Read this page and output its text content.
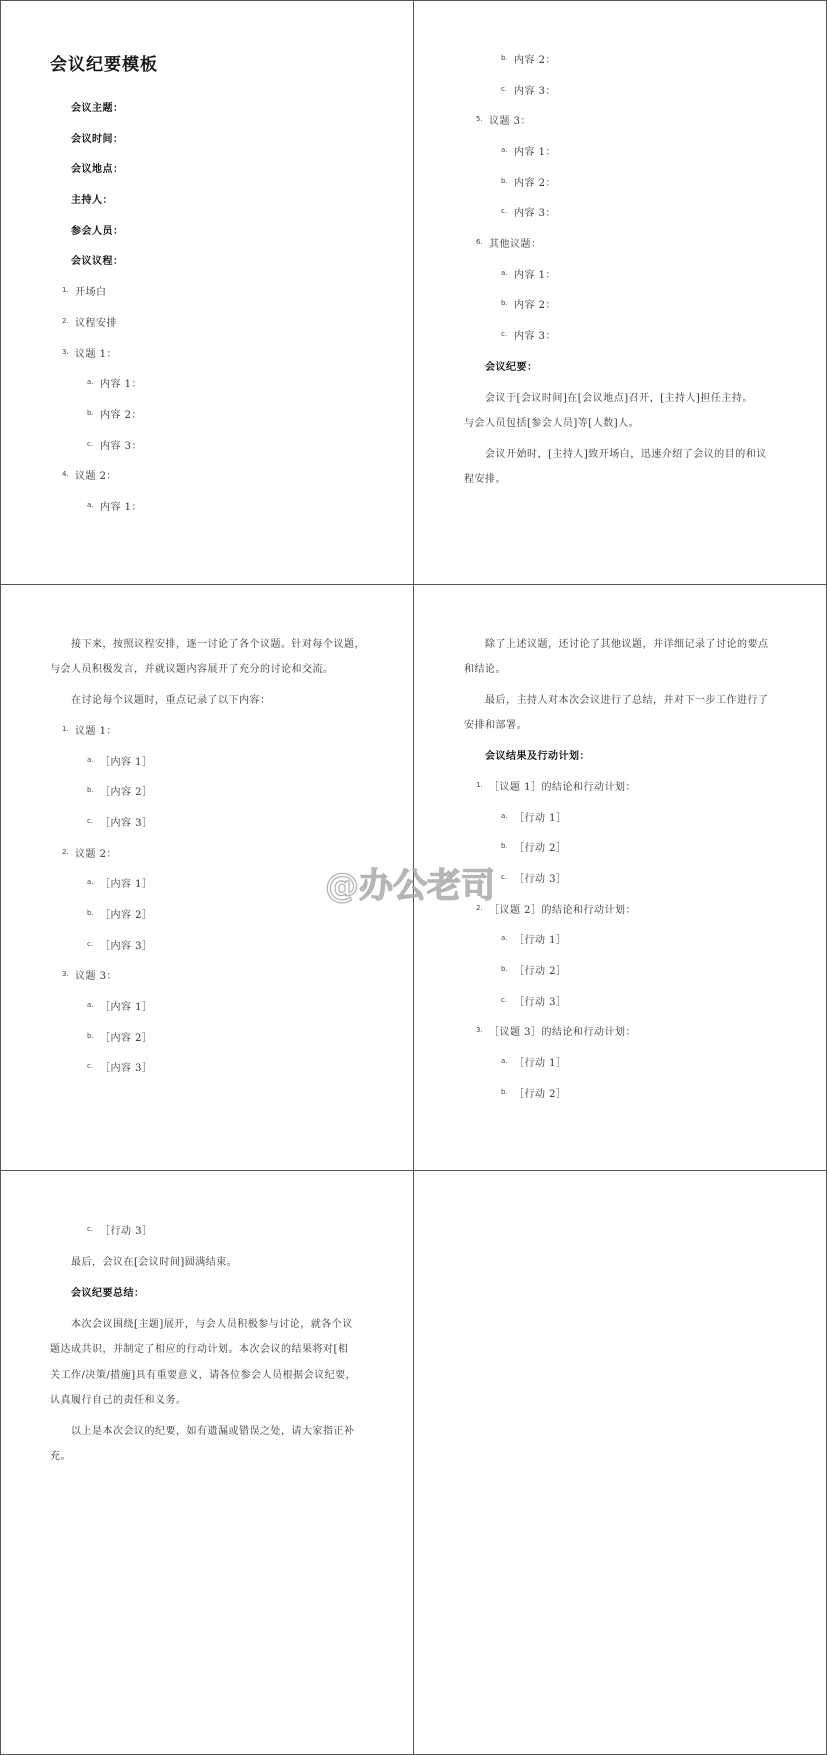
会议纪要模板
会议主题：
会议时间：
会议地点：
主持人：
参会人员：
会议议程：
1. 开场白
2. 议程安排
3. 议题 1：
a. 内容 1：
b. 内容 2：
c. 内容 3：
4. 议题 2：
a. 内容 1：
b. 内容 2：
c. 内容 3：
5. 议题 3：
a. 内容 1：
b. 内容 2：
c. 内容 3：
6. 其他议题：
a. 内容 1：
b. 内容 2：
c. 内容 3：
会议纪要：
会议于[会议时间]在[会议地点]召开，[主持人]担任主持。
与会人员包括[参会人员]等[人数]人。
会议开始时，[主持人]致开场白，迅速介绍了会议的目的和议
程安排。
接下来，按照议程安排，逐一讨论了各个议题。针对每个议题，
与会人员积极发言，并就议题内容展开了充分的讨论和交流。
在讨论每个议题时，重点记录了以下内容：
1. 议题 1：
a. ［内容 1］
b. ［内容 2］
c. ［内容 3］
2. 议题 2：
a. ［内容 1］
b. ［内容 2］
c. ［内容 3］
3. 议题 3：
a. ［内容 1］
b. ［内容 2］
c. ［内容 3］
除了上述议题，还讨论了其他议题，并详细记录了讨论的要点
和结论。
最后，主持人对本次会议进行了总结，并对下一步工作进行了
安排和部署。
会议结果及行动计划：
1. ［议题 1］的结论和行动计划：
a. ［行动 1］
b. ［行动 2］
c. ［行动 3］
2. ［议题 2］的结论和行动计划：
a. ［行动 1］
b. ［行动 2］
c. ［行动 3］
3. ［议题 3］的结论和行动计划：
a. ［行动 1］
b. ［行动 2］
c. ［行动 3］
最后，会议在[会议时间]圆满结束。
会议纪要总结：
本次会议围绕[主题]展开，与会人员积极参与讨论，就各个议
题达成共识，并制定了相应的行动计划。本次会议的结果将对[相
关工作/决策/措施]具有重要意义，请各位参会人员根据会议纪要，
认真履行自己的责任和义务。
以上是本次会议的纪要，如有遗漏或错误之处，请大家指正补
充。
@办公老司
